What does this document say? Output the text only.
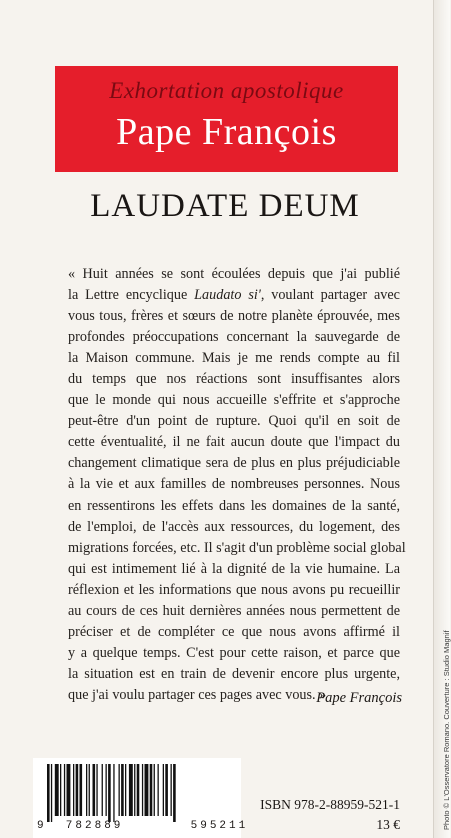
Exhortation apostolique
Pape François
LAUDATE DEUM
« Huit années se sont écoulées depuis que j'ai publié
la Lettre encyclique Laudato si', voulant partager avec
vous tous, frères et sœurs de notre planète éprouvée, mes
profondes préoccupations concernant la sauvegarde de
la Maison commune. Mais je me rends compte au fil
du temps que nos réactions sont insuffisantes alors
que le monde qui nous accueille s'effrite et s'approche
peut-être d'un point de rupture. Quoi qu'il en soit de
cette éventualité, il ne fait aucun doute que l'impact du
changement climatique sera de plus en plus préjudiciable
à la vie et aux familles de nombreuses personnes. Nous
en ressentirons les effets dans les domaines de la santé,
de l'emploi, de l'accès aux ressources, du logement, des
migrations forcées, etc. Il s'agit d'un problème social global
qui est intimement lié à la dignité de la vie humaine. La
réflexion et les informations que nous avons pu recueillir
au cours de ces huit dernières années nous permettent de
préciser et de compléter ce que nous avons affirmé il
y a quelque temps. C'est pour cette raison, et parce que
la situation est en train de devenir encore plus urgente,
que j'ai voulu partager ces pages avec vous. »
Pape François
9  782889       595211
ISBN 978-2-88959-521-1
13 €	Photo © L'Osservatore Romano. Couverture : Studio Magnif
